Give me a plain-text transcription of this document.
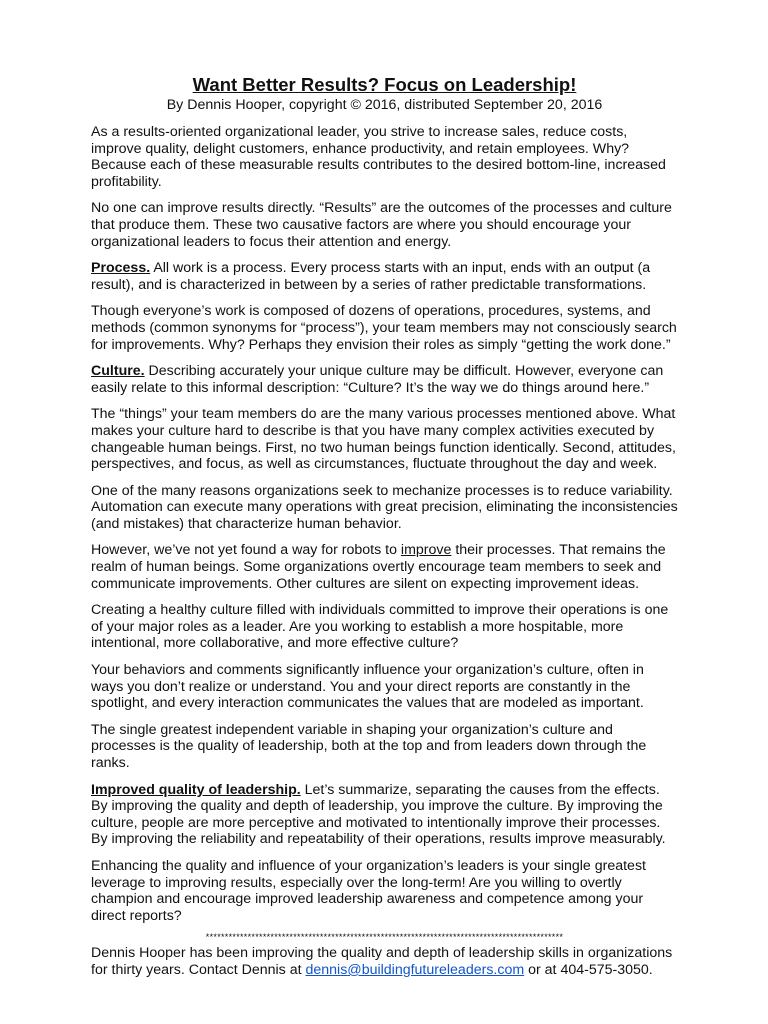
Want Better Results? Focus on Leadership!
By Dennis Hooper, copyright © 2016, distributed September 20, 2016

As a results-oriented organizational leader, you strive to increase sales, reduce costs, improve quality, delight customers, enhance productivity, and retain employees. Why? Because each of these measurable results contributes to the desired bottom-line, increased profitability.

No one can improve results directly. “Results” are the outcomes of the processes and culture that produce them. These two causative factors are where you should encourage your organizational leaders to focus their attention and energy.

Process. All work is a process. Every process starts with an input, ends with an output (a result), and is characterized in between by a series of rather predictable transformations.

Though everyone’s work is composed of dozens of operations, procedures, systems, and methods (common synonyms for “process”), your team members may not consciously search for improvements. Why? Perhaps they envision their roles as simply “getting the work done.”

Culture. Describing accurately your unique culture may be difficult. However, everyone can easily relate to this informal description: “Culture? It’s the way we do things around here.”

The “things” your team members do are the many various processes mentioned above. What makes your culture hard to describe is that you have many complex activities executed by changeable human beings. First, no two human beings function identically. Second, attitudes, perspectives, and focus, as well as circumstances, fluctuate throughout the day and week.

One of the many reasons organizations seek to mechanize processes is to reduce variability. Automation can execute many operations with great precision, eliminating the inconsistencies (and mistakes) that characterize human behavior.

However, we’ve not yet found a way for robots to improve their processes. That remains the realm of human beings. Some organizations overtly encourage team members to seek and communicate improvements. Other cultures are silent on expecting improvement ideas.

Creating a healthy culture filled with individuals committed to improve their operations is one of your major roles as a leader. Are you working to establish a more hospitable, more intentional, more collaborative, and more effective culture?

Your behaviors and comments significantly influence your organization’s culture, often in ways you don’t realize or understand. You and your direct reports are constantly in the spotlight, and every interaction communicates the values that are modeled as important.

The single greatest independent variable in shaping your organization’s culture and processes is the quality of leadership, both at the top and from leaders down through the ranks.

Improved quality of leadership. Let’s summarize, separating the causes from the effects. By improving the quality and depth of leadership, you improve the culture. By improving the culture, people are more perceptive and motivated to intentionally improve their processes. By improving the reliability and repeatability of their operations, results improve measurably.

Enhancing the quality and influence of your organization’s leaders is your single greatest leverage to improving results, especially over the long-term! Are you willing to overtly champion and encourage improved leadership awareness and competence among your direct reports?

**********************************************************************************************

Dennis Hooper has been improving the quality and depth of leadership skills in organizations for thirty years. Contact Dennis at dennis@buildingfutureleaders.com or at 404-575-3050.
